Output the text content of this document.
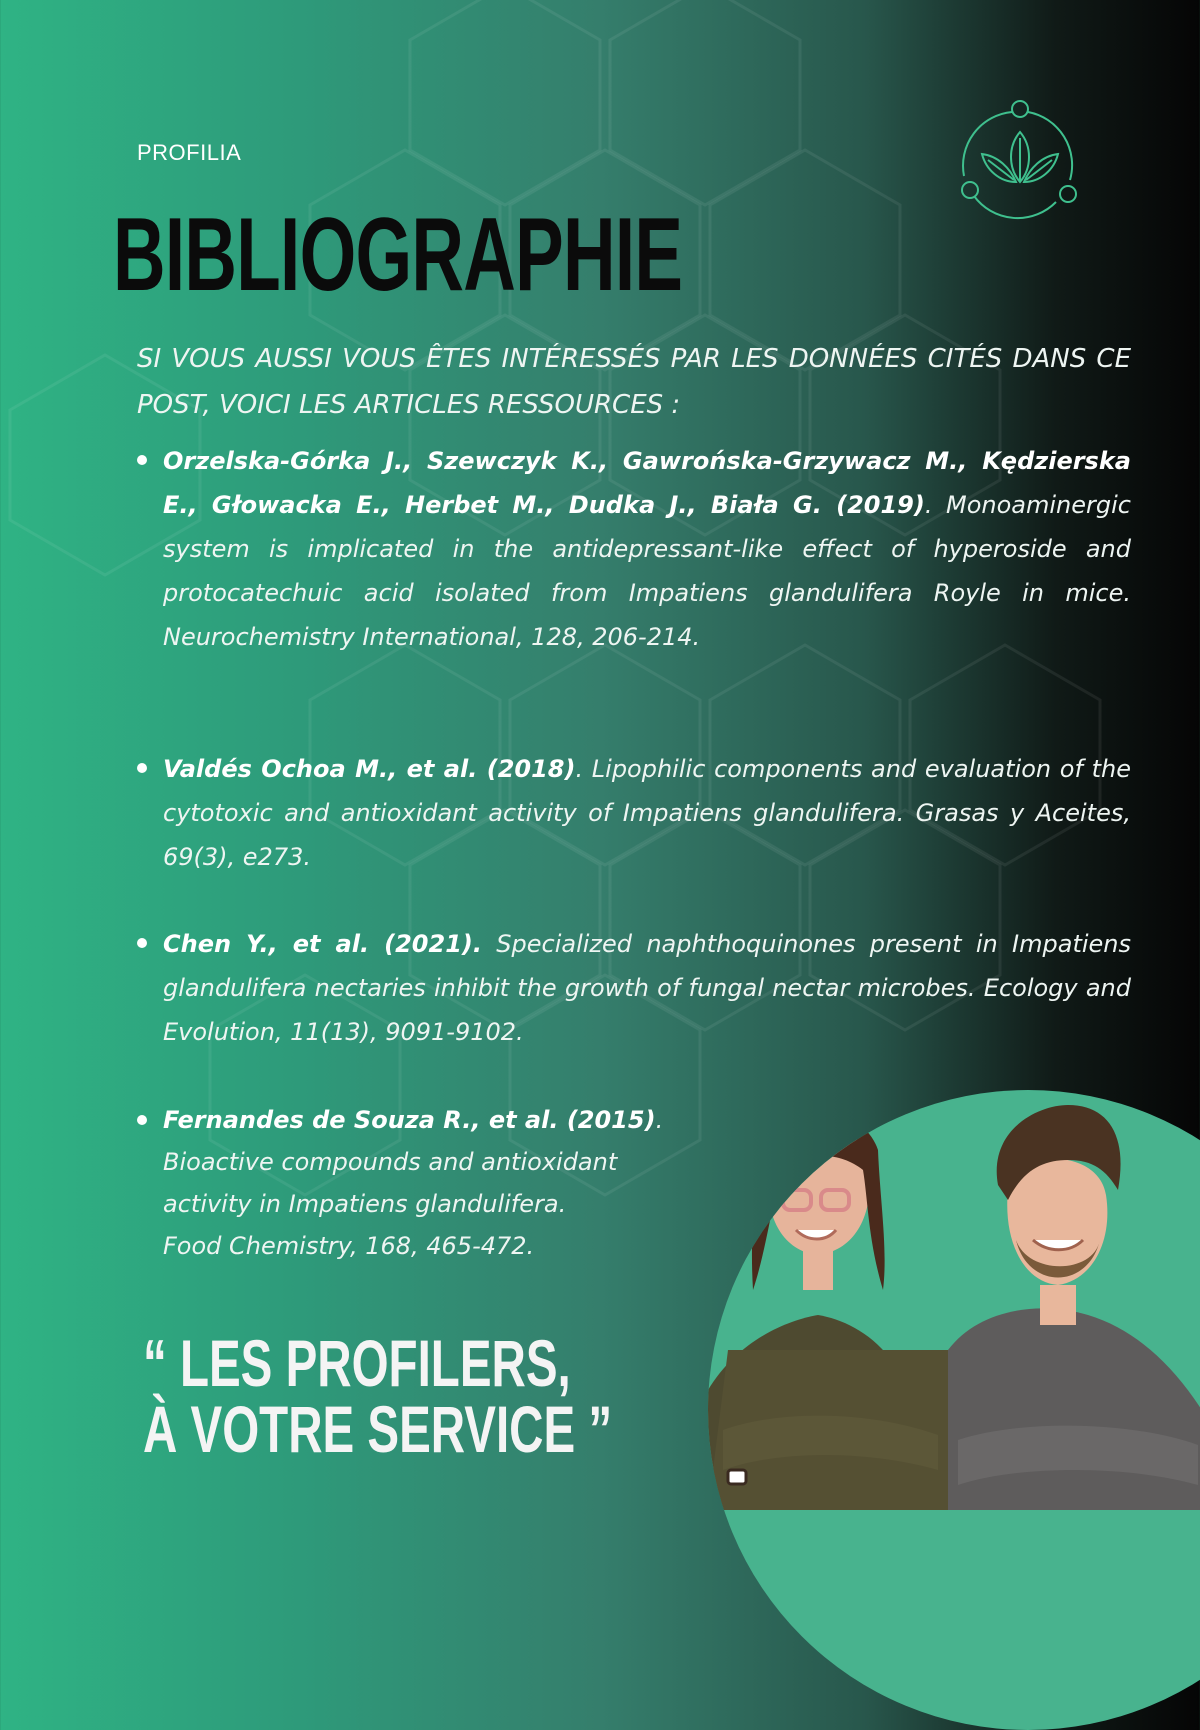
PROFILIA
BIBLIOGRAPHIE
SI VOUS AUSSI VOUS ÊTES INTÉRESSÉS PAR LES DONNÉES CITÉS DANS CE POST, VOICI LES ARTICLES RESSOURCES :
Orzelska-Górka J., Szewczyk K., Gawrońska-Grzywacz M., Kędzierska E., Głowacka E., Herbet M., Dudka J., Biała G. (2019). Monoaminergic system is implicated in the antidepressant-like effect of hyperoside and protocatechuic acid isolated from Impatiens glandulifera Royle in mice. Neurochemistry International, 128, 206-214.
Valdés Ochoa M., et al. (2018). Lipophilic components and evaluation of the cytotoxic and antioxidant activity of Impatiens glandulifera. Grasas y Aceites, 69(3), e273.
Chen Y., et al. (2021). Specialized naphthoquinones present in Impatiens glandulifera nectaries inhibit the growth of fungal nectar microbes. Ecology and Evolution, 11(13), 9091-9102.
Fernandes de Souza R., et al. (2015).
Bioactive compounds and antioxidant
activity in Impatiens glandulifera.
Food Chemistry, 168, 465-472.
“ LES PROFILERS,
À VOTRE SERVICE ”
